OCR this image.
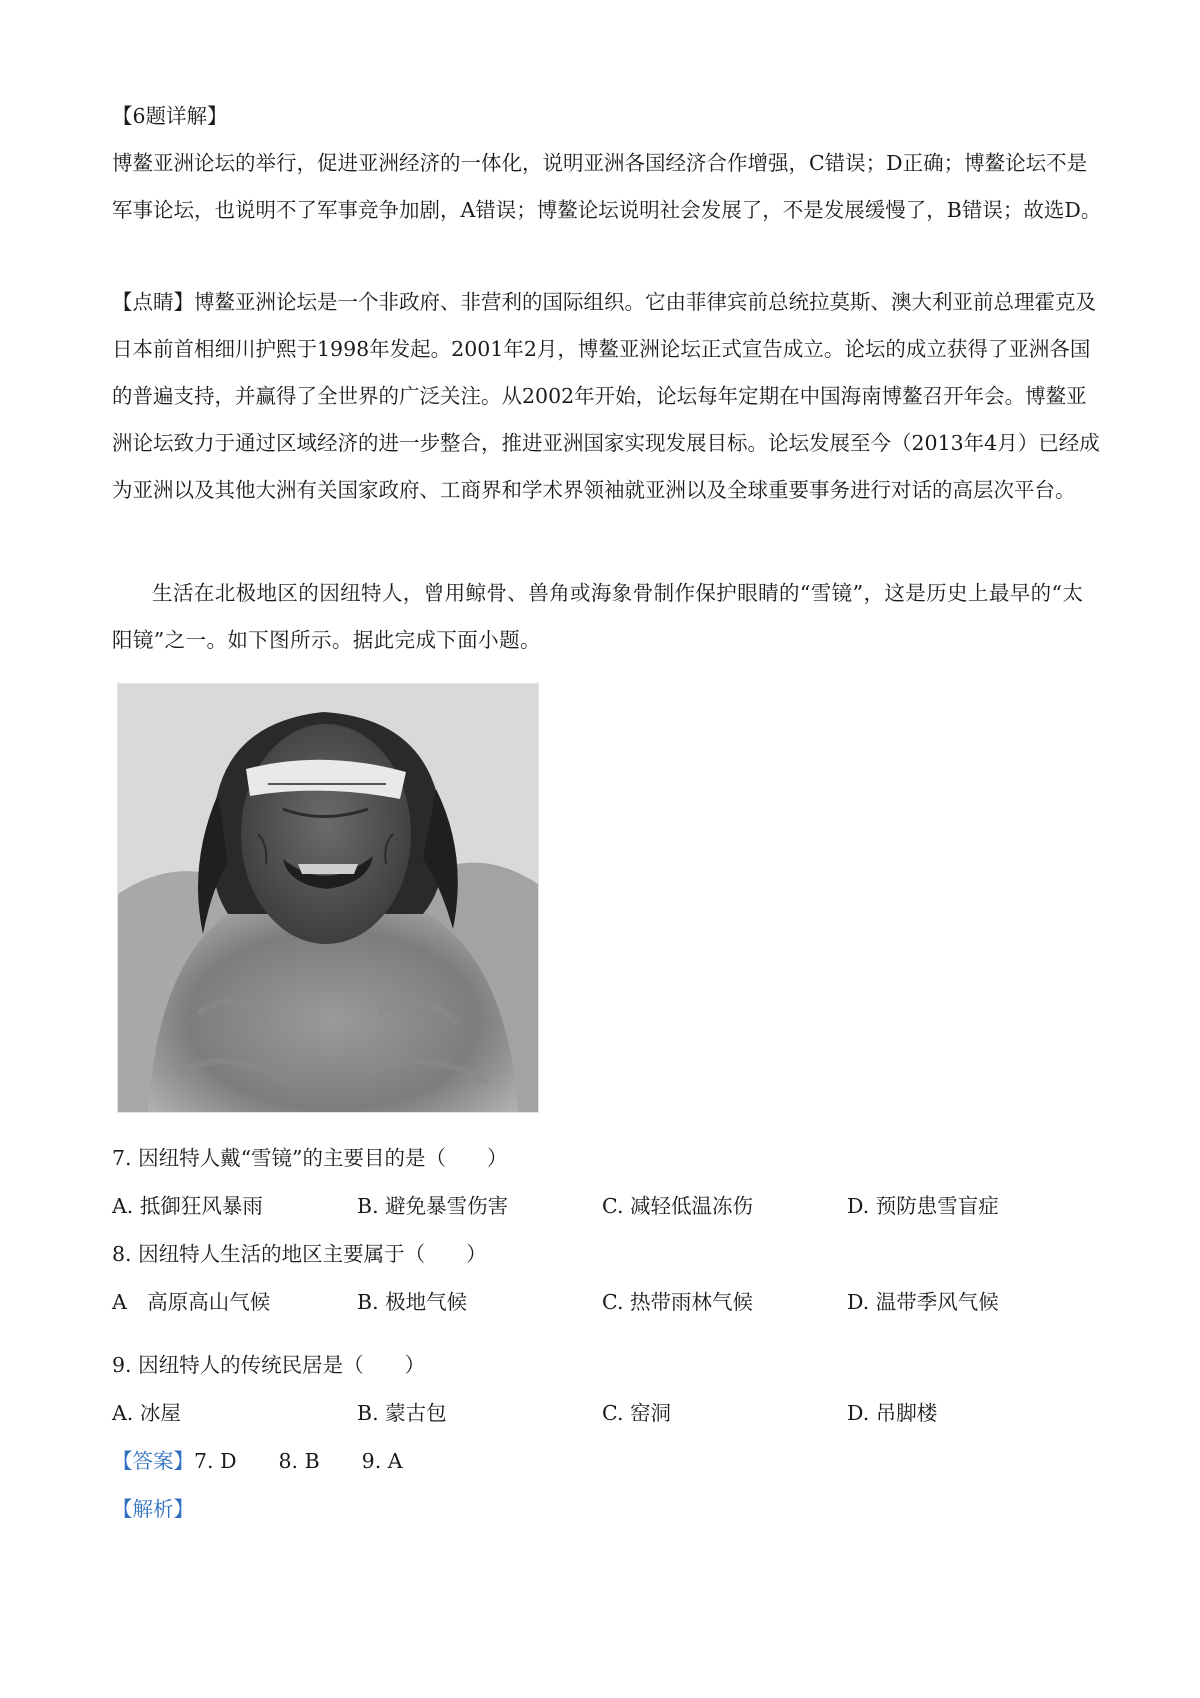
【6题详解】
博鳌亚洲论坛的举行，促进亚洲经济的一体化，说明亚洲各国经济合作增强，C错误；D正确；博鳌论坛不是军事论坛，也说明不了军事竞争加剧，A错误；博鳌论坛说明社会发展了，不是发展缓慢了，B错误；故选D。
【点睛】博鳌亚洲论坛是一个非政府、非营利的国际组织。它由菲律宾前总统拉莫斯、澳大利亚前总理霍克及日本前首相细川护熙于1998年发起。2001年2月，博鳌亚洲论坛正式宣告成立。论坛的成立获得了亚洲各国的普遍支持，并赢得了全世界的广泛关注。从2002年开始，论坛每年定期在中国海南博鳌召开年会。博鳌亚洲论坛致力于通过区域经济的进一步整合，推进亚洲国家实现发展目标。论坛发展至今（2013年4月）已经成为亚洲以及其他大洲有关国家政府、工商界和学术界领袖就亚洲以及全球重要事务进行对话的高层次平台。
生活在北极地区的因纽特人，曾用鲸骨、兽角或海象骨制作保护眼睛的“雪镜”，这是历史上最早的“太阳镜”之一。如下图所示。据此完成下面小题。
7. 因纽特人戴“雪镜”的主要目的是（　　）
A. 抵御狂风暴雨	B. 避免暴雪伤害	C. 减轻低温冻伤	D. 预防患雪盲症
8. 因纽特人生活的地区主要属于（　　）
A　高原高山气候	B. 极地气候	C. 热带雨林气候	D. 温带季风气候
9. 因纽特人的传统民居是（　　）
A. 冰屋	B. 蒙古包	C. 窑洞	D. 吊脚楼
【答案】7. D 8. B 9. A
【解析】
